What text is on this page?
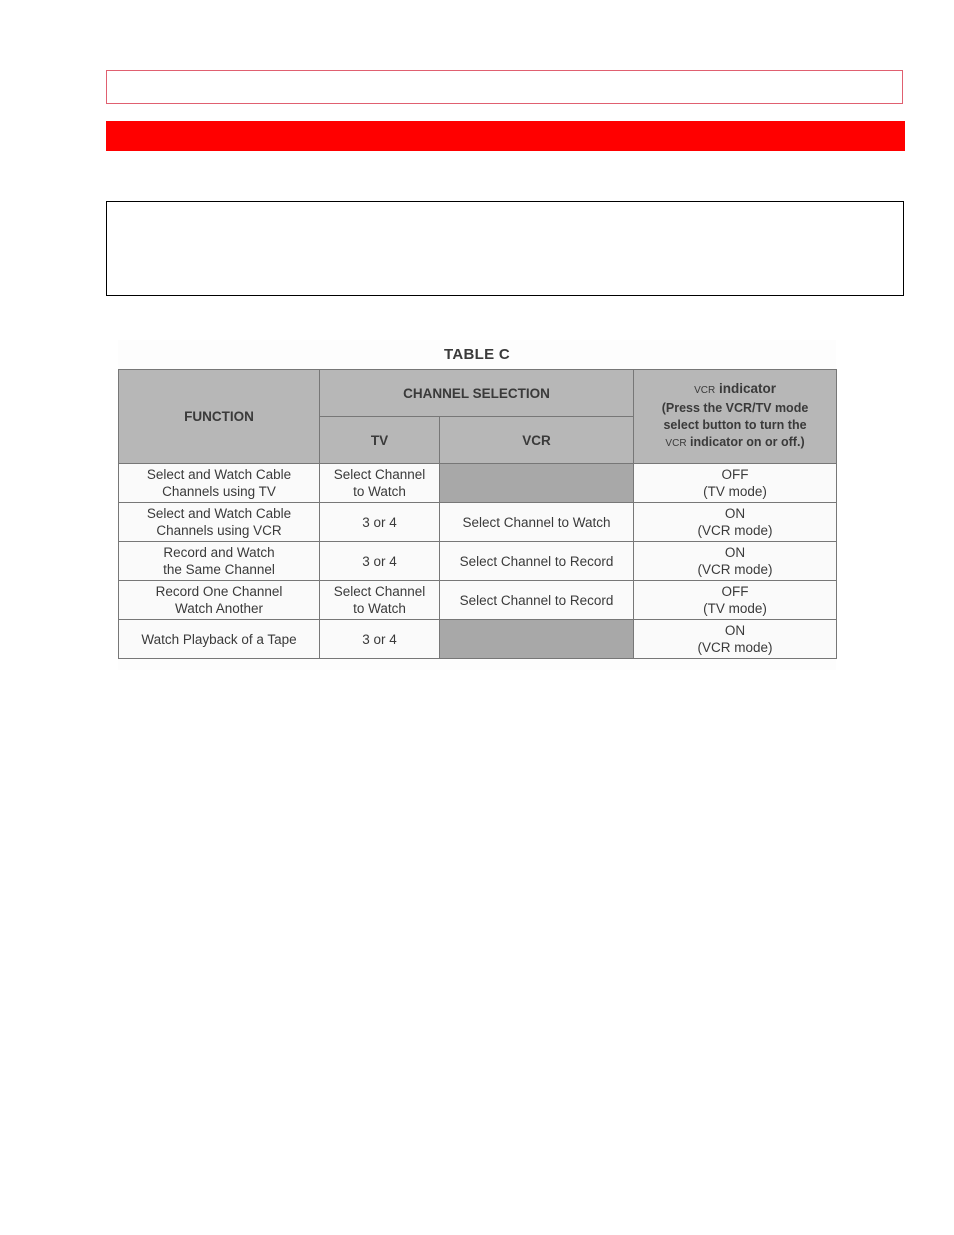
TABLE C
FUNCTION	CHANNEL SELECTION		VCR indicator
(Press the VCR/TV mode
select button to turn the
VCR indicator on or off.)

	TV	VCR	

Select and Watch Cable
Channels using TV	Select Channel
to Watch		OFF
(TV mode)

Select and Watch Cable
Channels using VCR	3 or 4	Select Channel to Watch	ON
(VCR mode)

Record and Watch
the Same Channel	3 or 4	Select Channel to Record	ON
(VCR mode)

Record One Channel
Watch Another	Select Channel
to Watch	Select Channel to Record	OFF
(TV mode)

Watch Playback of a Tape	3 or 4		ON
(VCR mode)
